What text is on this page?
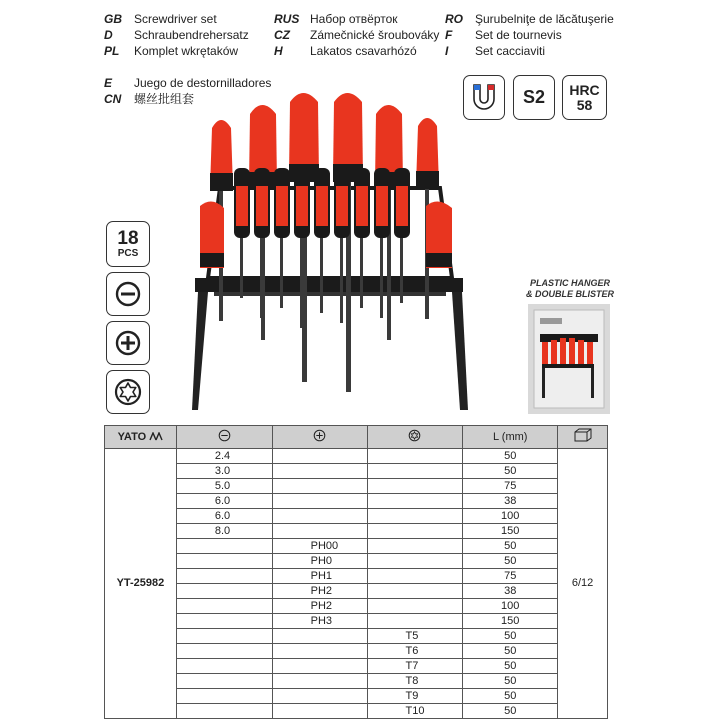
GB Screwdriver set
D Schraubendrehersatz
PL Komplet wkrętaków
RUS Набор отвёрток
CZ Zámečnické šroubováky
H Lakatos csavarhózó
RO Şurubelniţe de lăcătuşerie
F Set de tournevis
I Set cacciaviti
E Juego de destornilladores
CN 螺丝批组套	S2 HRC
58
18
PCS
PLASTIC HANGER
& DOUBLE BLISTER
YATO				L (mm)	
YT-25982	2.4			50	6/12
	3.0			50	
	5.0			75	
	6.0			38	
	6.0			100	
	8.0			150	
		PH00		50	
		PH0		50	
		PH1		75	
		PH2		38	
		PH2		100	
		PH3		150	
			T5	50	
			T6	50	
			T7	50	
			T8	50	
			T9	50	
			T10	50	
